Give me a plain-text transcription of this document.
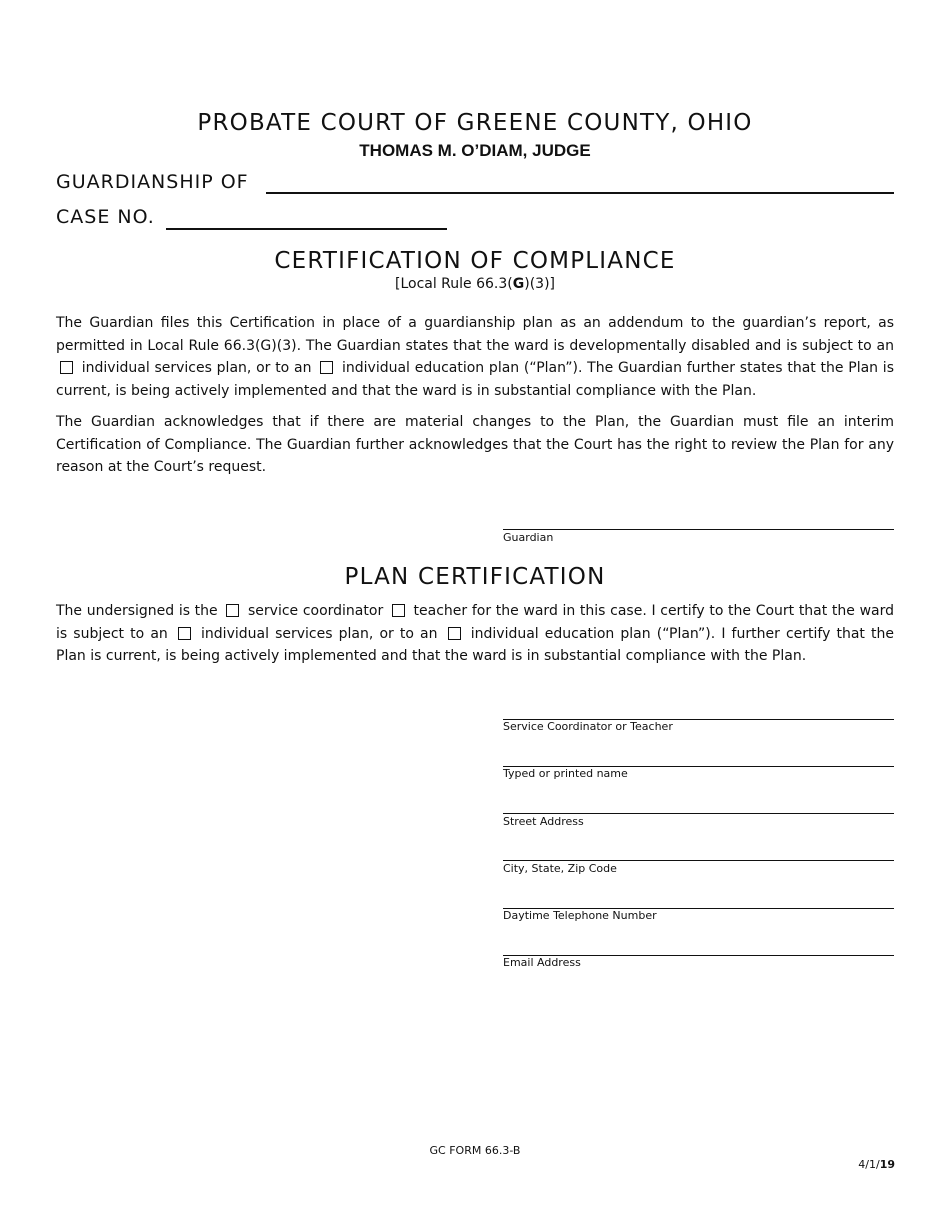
PROBATE COURT OF GREENE COUNTY, OHIO
THOMAS M. O’DIAM, JUDGE
GUARDIANSHIP OF
CASE NO.
CERTIFICATION OF COMPLIANCE
[Local Rule 66.3(G)(3)]
The Guardian files this Certification in place of a guardianship plan as an addendum to the guardian’s report, as permitted in Local Rule 66.3(G)(3). The Guardian states that the ward is developmentally disabled and is subject to an  individual services plan, or to an individual education plan (“Plan”). The Guardian further states that the Plan is current, is being actively implemented and that the ward is in substantial compliance with the Plan.
The Guardian acknowledges that if there are material changes to the Plan, the Guardian must file an interim Certification of Compliance. The Guardian further acknowledges that the Court has the right to review the Plan for any reason at the Court’s request.
Guardian
PLAN CERTIFICATION
The undersigned is the service coordinator teacher for the ward in this case. I certify to the Court that the ward is subject to an individual services plan, or to an individual education plan (“Plan”). I further certify that the Plan is current, is being actively implemented and that the ward is in substantial compliance with the Plan.
Service Coordinator or Teacher
Typed or printed name
Street Address
City, State, Zip Code
Daytime Telephone Number
Email Address
GC FORM 66.3-B
4/1/19
